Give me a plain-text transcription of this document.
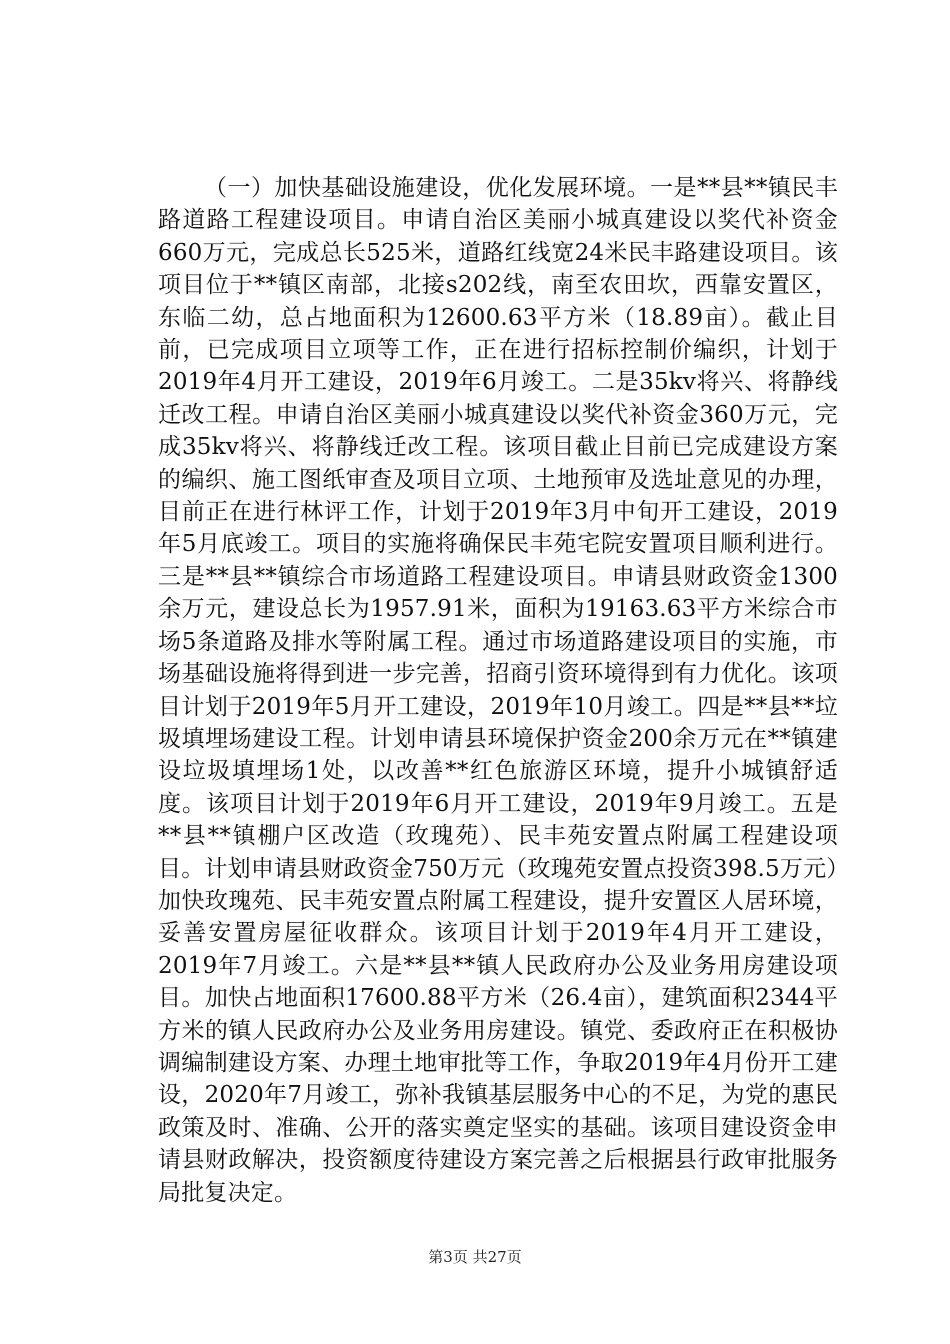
（一）加快基础设施建设，优化发展环境。一是**县**镇民丰路道路工程建设项目。申请自治区美丽小城真建设以奖代补资金660万元，完成总长525米，道路红线宽24米民丰路建设项目。该项目位于**镇区南部，北接s202线，南至农田坎，西靠安置区，东临二幼，总占地面积为12600.63平方米（18.89亩）。截止目前，已完成项目立项等工作，正在进行招标控制价编织，计划于2019年4月开工建设，2019年6月竣工。二是35kv将兴、将静线迁改工程。申请自治区美丽小城真建设以奖代补资金360万元，完成35kv将兴、将静线迁改工程。该项目截止目前已完成建设方案的编织、施工图纸审查及项目立项、土地预审及选址意见的办理，目前正在进行林评工作，计划于2019年3月中旬开工建设，2019年5月底竣工。项目的实施将确保民丰苑宅院安置项目顺利进行。三是**县**镇综合市场道路工程建设项目。申请县财政资金1300余万元，建设总长为1957.91米，面积为19163.63平方米综合市场5条道路及排水等附属工程。通过市场道路建设项目的实施，市场基础设施将得到进一步完善，招商引资环境得到有力优化。该项目计划于2019年5月开工建设，2019年10月竣工。四是**县**垃圾填埋场建设工程。计划申请县环境保护资金200余万元在**镇建设垃圾填埋场1处，以改善**红色旅游区环境，提升小城镇舒适度。该项目计划于2019年6月开工建设，2019年9月竣工。五是**县**镇棚户区改造（玫瑰苑）、民丰苑安置点附属工程建设项目。计划申请县财政资金750万元（玫瑰苑安置点投资398.5万元）加快玫瑰苑、民丰苑安置点附属工程建设，提升安置区人居环境，妥善安置房屋征收群众。该项目计划于2019年4月开工建设，2019年7月竣工。六是**县**镇人民政府办公及业务用房建设项目。加快占地面积17600.88平方米（26.4亩），建筑面积2344平方米的镇人民政府办公及业务用房建设。镇党、委政府正在积极协调编制建设方案、办理土地审批等工作，争取2019年4月份开工建设，2020年7月竣工，弥补我镇基层服务中心的不足，为党的惠民政策及时、准确、公开的落实奠定坚实的基础。该项目建设资金申请县财政解决，投资额度待建设方案完善之后根据县行政审批服务局批复决定。

第3页 共27页
